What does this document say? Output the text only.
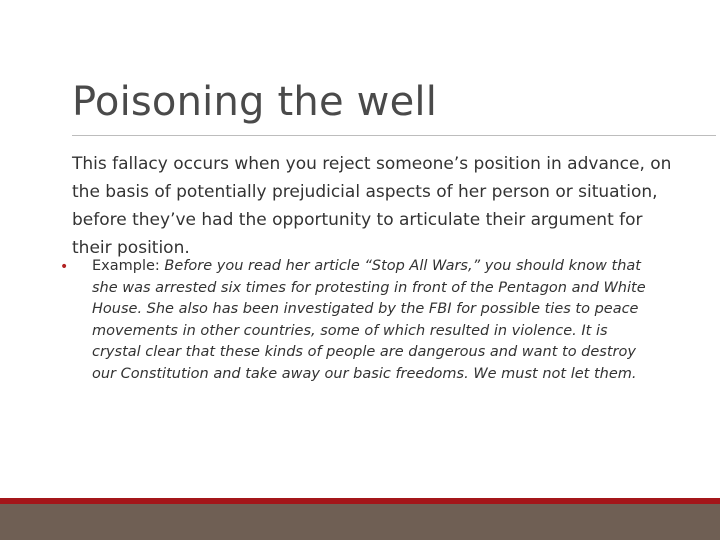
Poisoning the well
This fallacy occurs when you reject someone’s position in advance, on the basis of potentially prejudicial aspects of her person or situation, before they’ve had the opportunity to articulate their argument for their position.
• Example: Before you read her article “Stop All Wars,” you should know that she was arrested six times for protesting in front of the Pentagon and White House. She also has been investigated by the FBI for possible ties to peace movements in other countries, some of which resulted in violence. It is crystal clear that these kinds of people are dangerous and want to destroy our Constitution and take away our basic freedoms. We must not let them.
